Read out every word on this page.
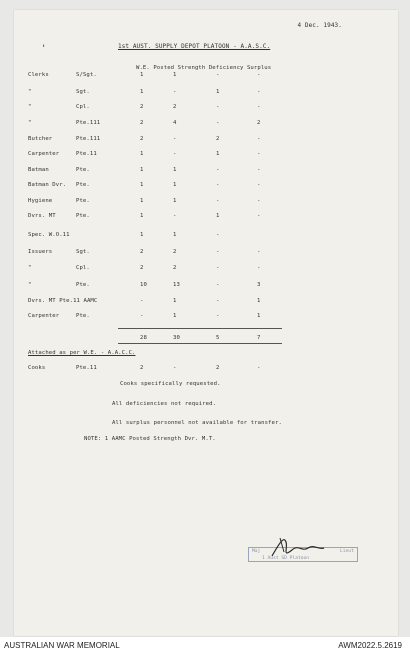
4 Dec. 1943.
'	1st AUST. SUPPLY DEPOT PLATOON - A.A.S.C.
W.E. Posted Strength Deficiency Surplus
Clerks	S/Sgt.	1	1	-	-
"	Sgt.	1	-	1	-
"	Cpl.	2	2	-	-
"	Pte.111	2	4	-	2
Butcher	Pte.111	2	-	2	-
Carpenter	Pte.11	1	-	1	-
Batman	Pte.	1	1	-	-
Batman Dvr. Pte.	1	1	-	-
Hygiene	Pte.	1	1	-	-
Dvrs. MT	Pte.	1	-	1	-
Spec. W.O.11	1	1	-
Issuers	Sgt.	2	2	-	-
"	Cpl.	2	2	-	-
"	Pte.	10	13	-	3
Dvrs. MT Pte.11 AAMC	-	1	-	1
Carpenter	Pte.	-	1	-	1
28	30	5	7
Attached as per W.E. - A.A.C.C.
Cooks	Pte.11	2	-	2	-
Cooks specifically requested.
All deficiencies not required.
All surplus personnel not available for transfer.
NOTE: 1 AAMC Posted Strength Dvr. M.T.
Maj	Lieut
1 Aust SD Platoon
AUSTRALIAN WAR MEMORIAL	AWM2022.5.2619
